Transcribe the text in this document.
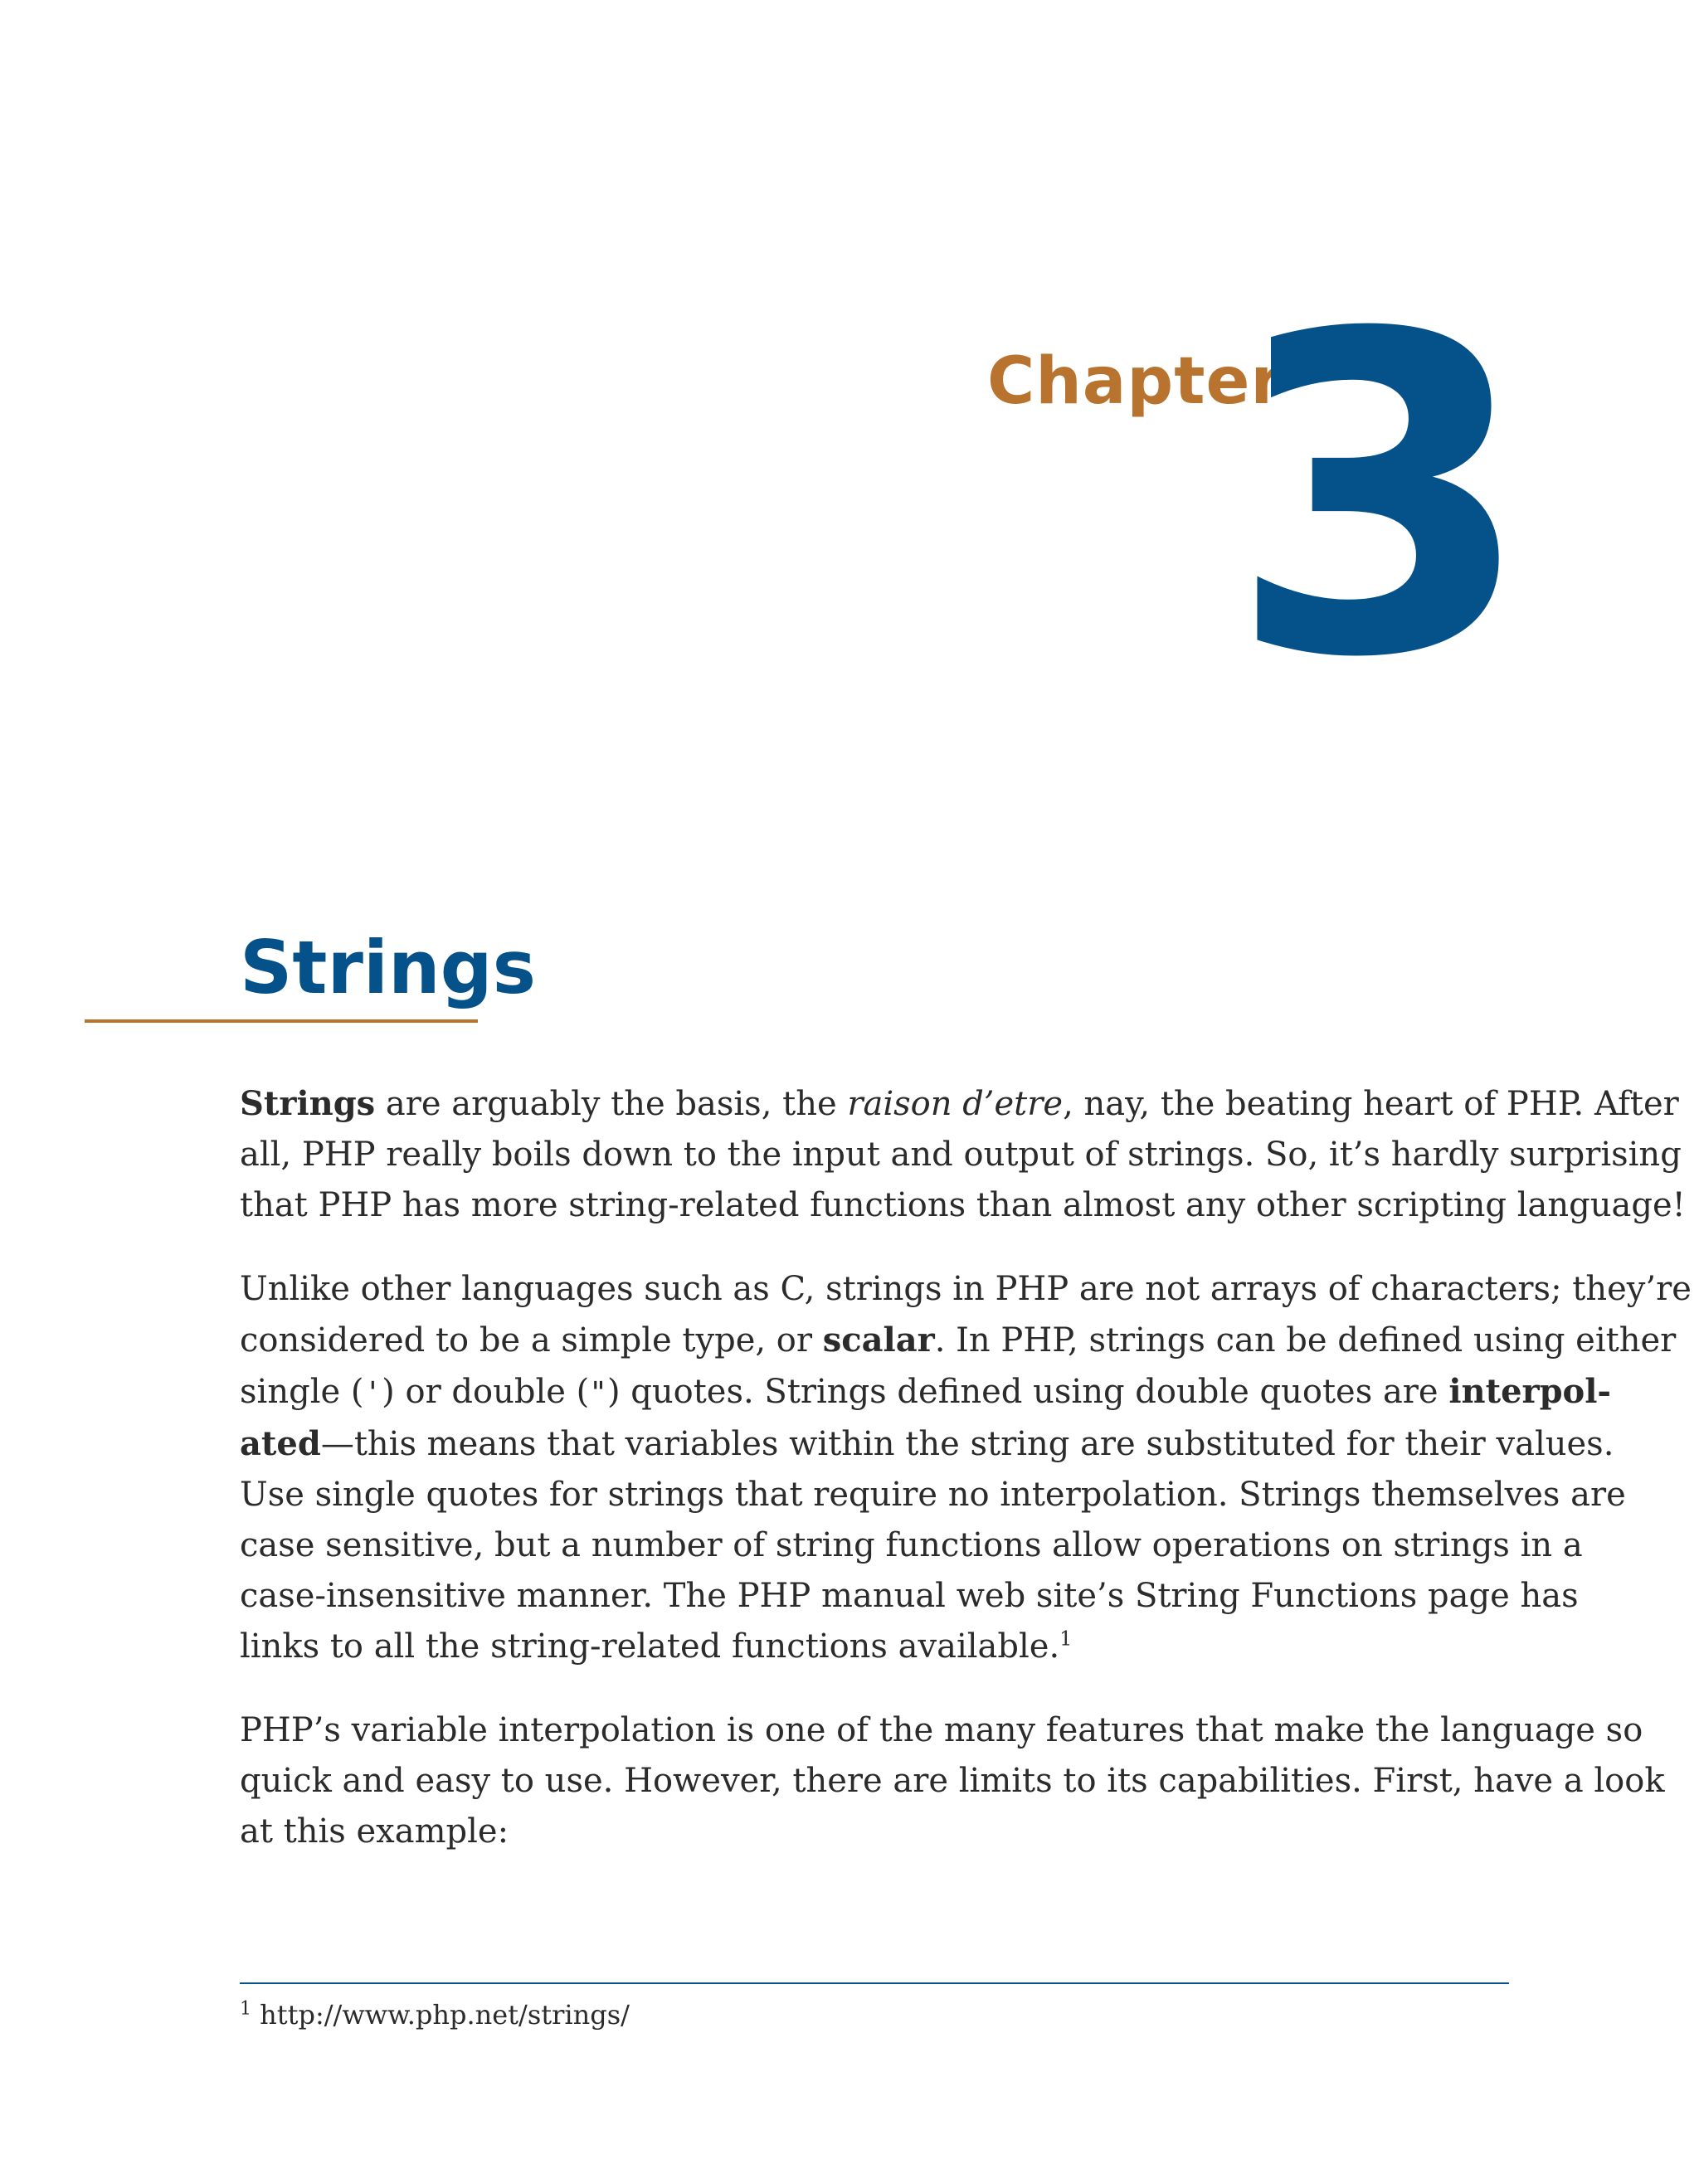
Chapter
3
Strings

Strings are arguably the basis, the raison d’etre, nay, the beating heart of PHP. After
all, PHP really boils down to the input and output of strings. So, it’s hardly surprising
that PHP has more string-related functions than almost any other scripting language!

Unlike other languages such as C, strings in PHP are not arrays of characters; they’re
considered to be a simple type, or scalar. In PHP, strings can be defined using either
single (') or double (") quotes. Strings defined using double quotes are interpol-
ated—this means that variables within the string are substituted for their values.
Use single quotes for strings that require no interpolation. Strings themselves are
case sensitive, but a number of string functions allow operations on strings in a
case-insensitive manner. The PHP manual web site’s String Functions page has
links to all the string-related functions available.$^1$

PHP’s variable interpolation is one of the many features that make the language so
quick and easy to use. However, there are limits to its capabilities. First, have a look
at this example:

$^1$ http://www.php.net/strings/
